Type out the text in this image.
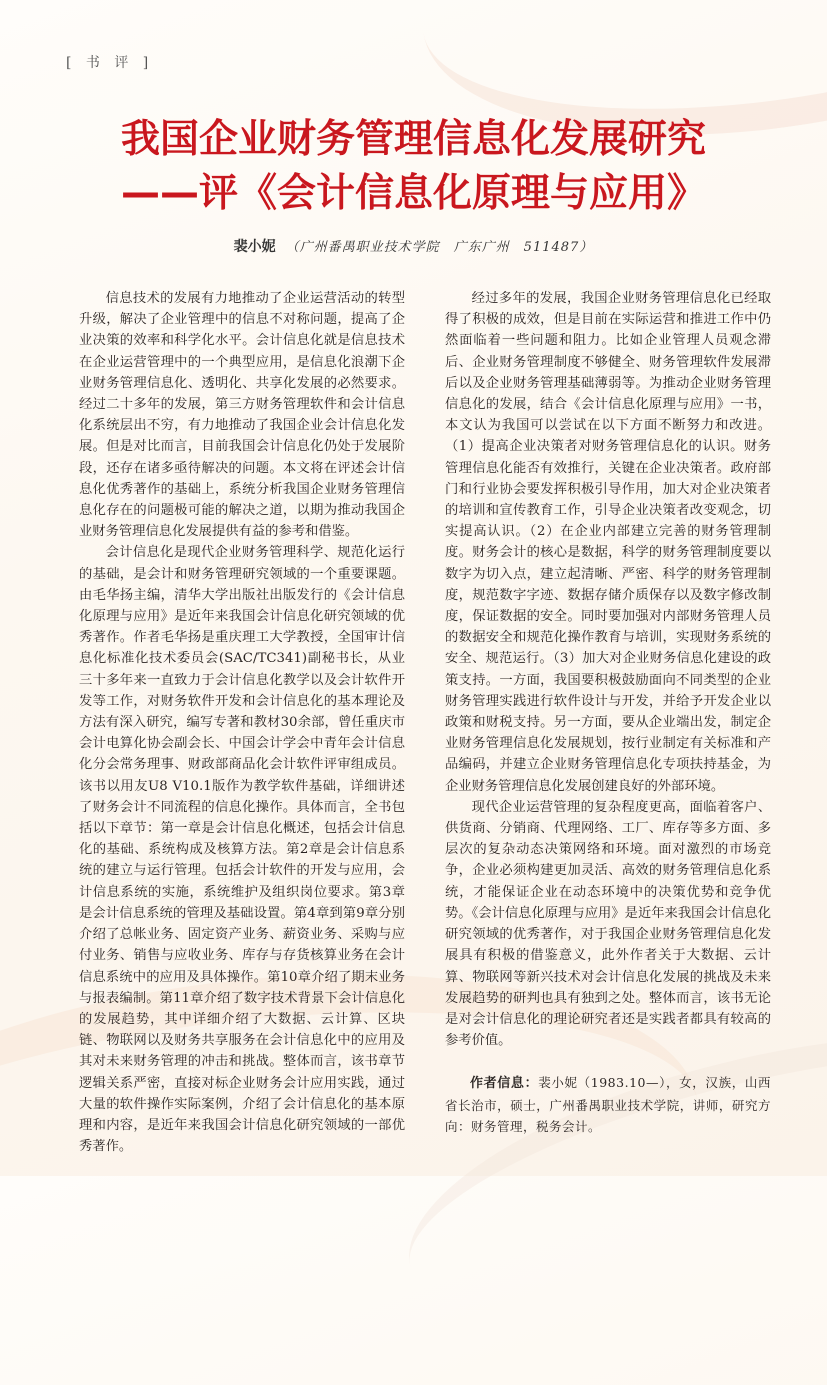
[ 书 评 ]
我国企业财务管理信息化发展研究
——评《会计信息化原理与应用》
裴小妮 （广州番禺职业技术学院　广东广州　511487）

信息技术的发展有力地推动了企业运营活动的转型升级，解决了企业管理中的信息不对称问题，提高了企业决策的效率和科学化水平。会计信息化就是信息技术在企业运营管理中的一个典型应用，是信息化浪潮下企业财务管理信息化、透明化、共享化发展的必然要求。经过二十多年的发展，第三方财务管理软件和会计信息化系统层出不穷，有力地推动了我国企业会计信息化发展。但是对比而言，目前我国会计信息化仍处于发展阶段，还存在诸多亟待解决的问题。本文将在评述会计信息化优秀著作的基础上，系统分析我国企业财务管理信息化存在的问题极可能的解决之道，以期为推动我国企业财务管理信息化发展提供有益的参考和借鉴。

会计信息化是现代企业财务管理科学、规范化运行的基础，是会计和财务管理研究领域的一个重要课题。由毛华扬主编，清华大学出版社出版发行的《会计信息化原理与应用》是近年来我国会计信息化研究领域的优秀著作。作者毛华扬是重庆理工大学教授，全国审计信息化标准化技术委员会(SAC/TC341)副秘书长，从业三十多年来一直致力于会计信息化教学以及会计软件开发等工作，对财务软件开发和会计信息化的基本理论及方法有深入研究，编写专著和教材30余部，曾任重庆市会计电算化协会副会长、中国会计学会中青年会计信息化分会常务理事、财政部商品化会计软件评审组成员。该书以用友U8 V10.1版作为教学软件基础，详细讲述了财务会计不同流程的信息化操作。具体而言，全书包括以下章节：第一章是会计信息化概述，包括会计信息化的基础、系统构成及核算方法。第2章是会计信息系统的建立与运行管理。包括会计软件的开发与应用，会计信息系统的实施，系统维护及组织岗位要求。第3章是会计信息系统的管理及基础设置。第4章到第9章分别介绍了总帐业务、固定资产业务、薪资业务、采购与应付业务、销售与应收业务、库存与存货核算业务在会计信息系统中的应用及具体操作。第10章介绍了期末业务与报表编制。第11章介绍了数字技术背景下会计信息化的发展趋势，其中详细介绍了大数据、云计算、区块链、物联网以及财务共享服务在会计信息化中的应用及其对未来财务管理的冲击和挑战。整体而言，该书章节逻辑关系严密，直接对标企业财务会计应用实践，通过大量的软件操作实际案例，介绍了会计信息化的基本原理和内容，是近年来我国会计信息化研究领域的一部优秀著作。

经过多年的发展，我国企业财务管理信息化已经取得了积极的成效，但是目前在实际运营和推进工作中仍然面临着一些问题和阻力。比如企业管理人员观念滞后、企业财务管理制度不够健全、财务管理软件发展滞后以及企业财务管理基础薄弱等。为推动企业财务管理信息化的发展，结合《会计信息化原理与应用》一书，本文认为我国可以尝试在以下方面不断努力和改进。（1）提高企业决策者对财务管理信息化的认识。财务管理信息化能否有效推行，关键在企业决策者。政府部门和行业协会要发挥积极引导作用，加大对企业决策者的培训和宣传教育工作，引导企业决策者改变观念，切实提高认识。（2）在企业内部建立完善的财务管理制度。财务会计的核心是数据，科学的财务管理制度要以数字为切入点，建立起清晰、严密、科学的财务管理制度，规范数字字迹、数据存储介质保存以及数字修改制度，保证数据的安全。同时要加强对内部财务管理人员的数据安全和规范化操作教育与培训，实现财务系统的安全、规范运行。（3）加大对企业财务信息化建设的政策支持。一方面，我国要积极鼓励面向不同类型的企业财务管理实践进行软件设计与开发，并给予开发企业以政策和财税支持。另一方面，要从企业端出发，制定企业财务管理信息化发展规划，按行业制定有关标准和产品编码，并建立企业财务管理信息化专项扶持基金，为企业财务管理信息化发展创建良好的外部环境。

现代企业运营管理的复杂程度更高，面临着客户、供货商、分销商、代理网络、工厂、库存等多方面、多层次的复杂动态决策网络和环境。面对激烈的市场竞争，企业必须构建更加灵活、高效的财务管理信息化系统，才能保证企业在动态环境中的决策优势和竞争优势。《会计信息化原理与应用》是近年来我国会计信息化研究领域的优秀著作，对于我国企业财务管理信息化发展具有积极的借鉴意义，此外作者关于大数据、云计算、物联网等新兴技术对会计信息化发展的挑战及未来发展趋势的研判也具有独到之处。整体而言，该书无论是对会计信息化的理论研究者还是实践者都具有较高的参考价值。

作者信息：裴小妮（1983.10—），女，汉族，山西省长治市，硕士，广州番禺职业技术学院，讲师，研究方向：财务管理，税务会计。
